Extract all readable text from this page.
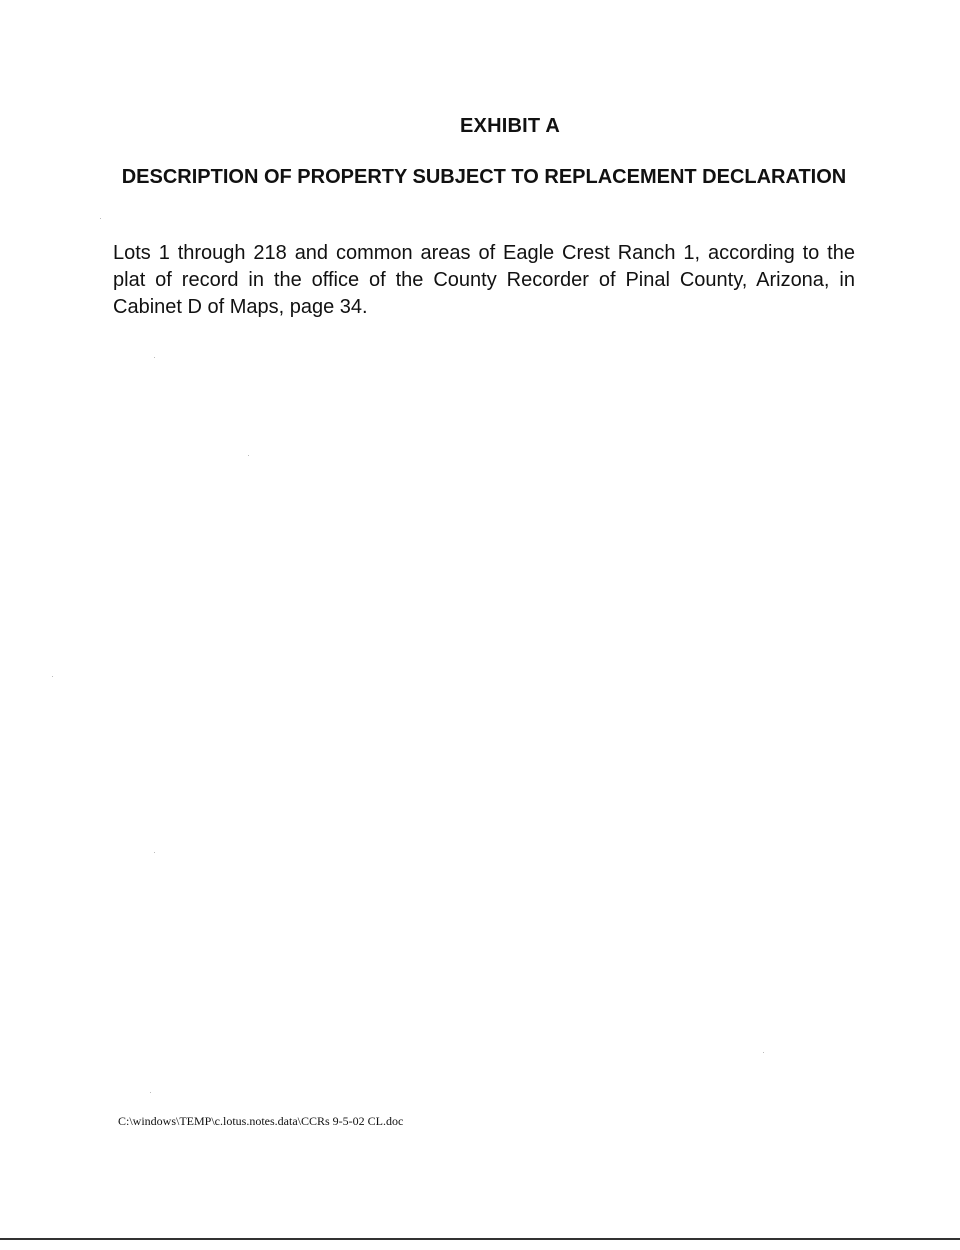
EXHIBIT A
DESCRIPTION OF PROPERTY SUBJECT TO REPLACEMENT DECLARATION
Lots 1 through 218 and common areas of Eagle Crest Ranch 1, according to the plat of record in the office of the County Recorder of Pinal County, Arizona, in Cabinet D of Maps, page 34.
C:\windows\TEMP\c.lotus.notes.data\CCRs 9-5-02 CL.doc
